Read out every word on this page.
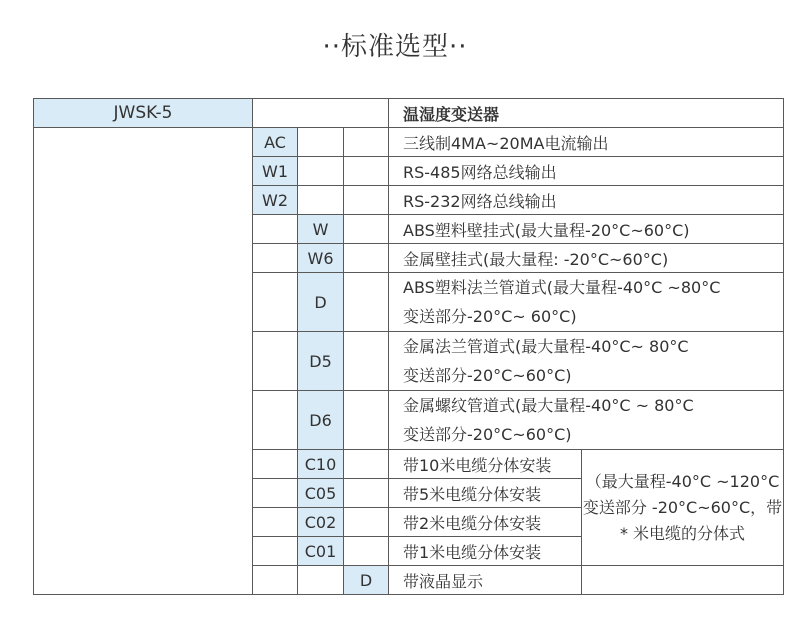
··标准选型··
JWSK-5				温湿度变送器	
	AC			三线制4MA~20MA电流输出	
	W1			RS-485网络总线输出	
	W2			RS-232网络总线输出	
		W		ABS塑料壁挂式(最大量程-20°C~60°C)	
		W6		金属壁挂式(最大量程: -20°C~60°C)	
		D		ABS塑料法兰管道式(最大量程-40°C ~80°C
变送部分-20°C~ 60°C)	

		D5		金属法兰管道式(最大量程-40°C~ 80°C
变送部分-20°C~60°C)	

		D6		金属螺纹管道式(最大量程-40°C ~ 80°C
变送部分-20°C~60°C)	

		C10		带10米电缆分体安装	（最大量程-40°C ~120°C 变送部分 -20°C~60°C，带* 米电缆的分体式
		C05		带5米电缆分体安装	
		C02		带2米电缆分体安装	
		C01		带1米电缆分体安装	
			D	带液晶显示	
